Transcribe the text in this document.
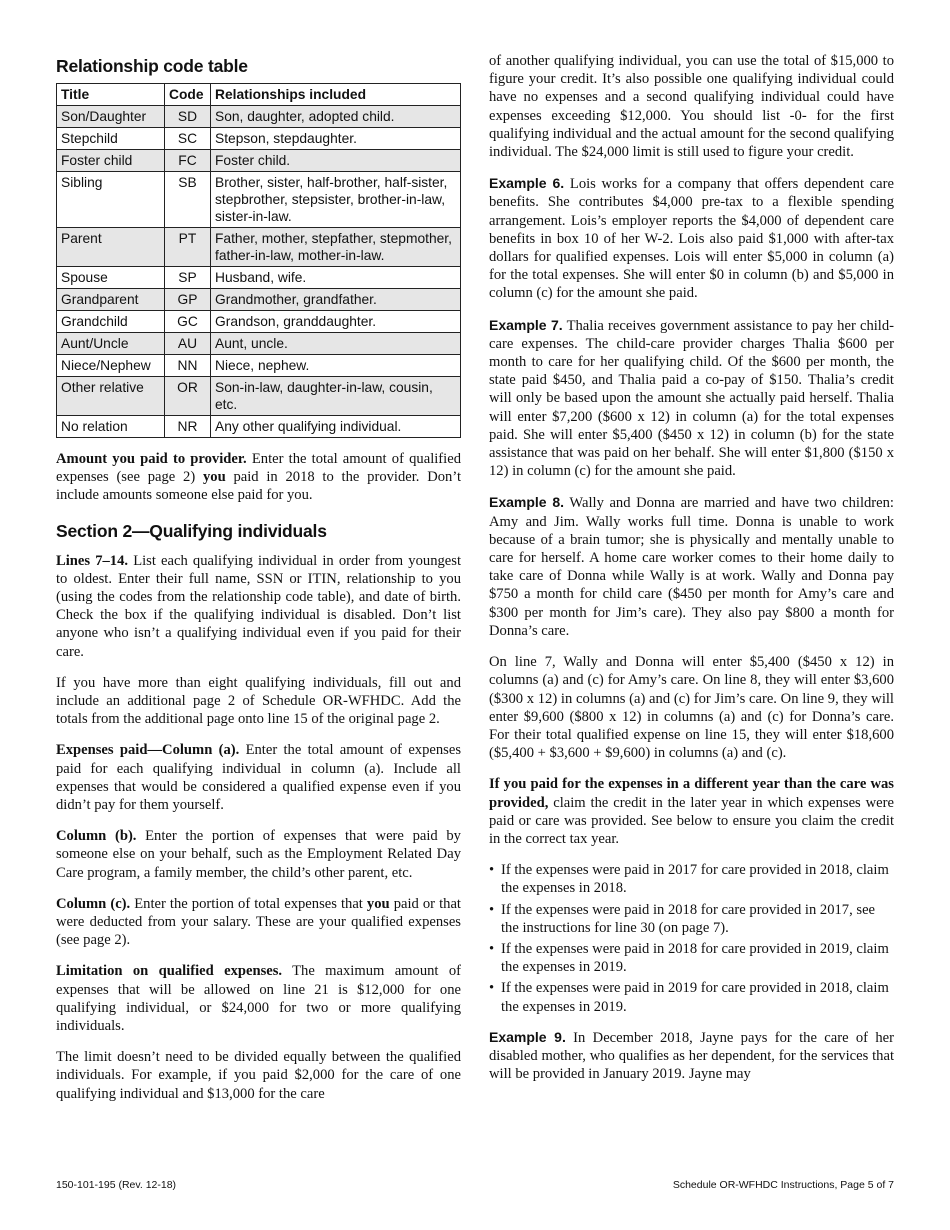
Relationship code table
Title	Code	Relationships included
Son/Daughter	SD	Son, daughter, adopted child.
Stepchild	SC	Stepson, stepdaughter.
Foster child	FC	Foster child.
Sibling	SB	Brother, sister, half-brother, half-sister, stepbrother, stepsister, brother-in-law, sister-in-law.
Parent	PT	Father, mother, stepfather, stepmother, father-in-law, mother-in-law.
Spouse	SP	Husband, wife.
Grandparent	GP	Grandmother, grandfather.
Grandchild	GC	Grandson, granddaughter.
Aunt/Uncle	AU	Aunt, uncle.
Niece/Nephew	NN	Niece, nephew.
Other relative	OR	Son-in-law, daughter-in-law, cousin, etc.
No relation	NR	Any other qualifying individual.

Amount you paid to provider. Enter the total amount of qualified expenses (see page 2) you paid in 2018 to the provider. Don’t include amounts someone else paid for you.

Section 2—Qualifying individuals

Lines 7–14. List each qualifying individual in order from youngest to oldest. Enter their full name, SSN or ITIN, relationship to you (using the codes from the relationship code table), and date of birth. Check the box if the qualifying individual is disabled. Don’t list anyone who isn’t a qualifying individual even if you paid for their care.

If you have more than eight qualifying individuals, fill out and include an additional page 2 of Schedule OR-WFHDC. Add the totals from the additional page onto line 15 of the original page 2.

Expenses paid—Column (a). Enter the total amount of expenses paid for each qualifying individual in column (a). Include all expenses that would be considered a qualified expense even if you didn’t pay for them yourself.

Column (b). Enter the portion of expenses that were paid by someone else on your behalf, such as the Employment Related Day Care program, a family member, the child’s other parent, etc.

Column (c). Enter the portion of total expenses that you paid or that were deducted from your salary. These are your qualified expenses (see page 2).

Limitation on qualified expenses. The maximum amount of expenses that will be allowed on line 21 is $12,000 for one qualifying individual, or $24,000 for two or more qualifying individuals.

The limit doesn’t need to be divided equally between the qualified individuals. For example, if you paid $2,000 for the care of one qualifying individual and $13,000 for the care

of another qualifying individual, you can use the total of $15,000 to figure your credit. It’s also possible one qualifying individual could have no expenses and a second qualifying individual could have expenses exceeding $12,000. You should list -0- for the first qualifying individual and the actual amount for the second qualifying individual. The $24,000 limit is still used to figure your credit.

Example 6. Lois works for a company that offers dependent care benefits. She contributes $4,000 pre-tax to a flexible spending arrangement. Lois’s employer reports the $4,000 of dependent care benefits in box 10 of her W-2. Lois also paid $1,000 with after-tax dollars for qualified expenses. Lois will enter $5,000 in column (a) for the total expenses. She will enter $0 in column (b) and $5,000 in column (c) for the amount she paid.

Example 7. Thalia receives government assistance to pay her child-care expenses. The child-care provider charges Thalia $600 per month to care for her qualifying child. Of the $600 per month, the state paid $450, and Thalia paid a co-pay of $150. Thalia’s credit will only be based upon the amount she actually paid herself. Thalia will enter $7,200 ($600 x 12) in column (a) for the total expenses paid. She will enter $5,400 ($450 x 12) in column (b) for the state assistance that was paid on her behalf. She will enter $1,800 ($150 x 12) in column (c) for the amount she paid.

Example 8. Wally and Donna are married and have two children: Amy and Jim. Wally works full time. Donna is unable to work because of a brain tumor; she is physically and mentally unable to care for herself. A home care worker comes to their home daily to take care of Donna while Wally is at work. Wally and Donna pay $750 a month for child care ($450 per month for Amy’s care and $300 per month for Jim’s care). They also pay $800 a month for Donna’s care.

On line 7, Wally and Donna will enter $5,400 ($450 x 12) in columns (a) and (c) for Amy’s care. On line 8, they will enter $3,600 ($300 x 12) in columns (a) and (c) for Jim’s care. On line 9, they will enter $9,600 ($800 x 12) in columns (a) and (c) for Donna’s care. For their total qualified expense on line 15, they will enter $18,600 ($5,400 + $3,600 + $9,600) in columns (a) and (c).

If you paid for the expenses in a different year than the care was provided, claim the credit in the later year in which expenses were paid or care was provided. See below to ensure you claim the credit in the correct tax year.

• If the expenses were paid in 2017 for care provided in 2018, claim the expenses in 2018.
• If the expenses were paid in 2018 for care provided in 2017, see the instructions for line 30 (on page 7).
• If the expenses were paid in 2018 for care provided in 2019, claim the expenses in 2019.
• If the expenses were paid in 2019 for care provided in 2018, claim the expenses in 2019.

Example 9. In December 2018, Jayne pays for the care of her disabled mother, who qualifies as her dependent, for the services that will be provided in January 2019. Jayne may

150-101-195 (Rev. 12-18)	Schedule OR-WFHDC Instructions, Page 5 of 7
